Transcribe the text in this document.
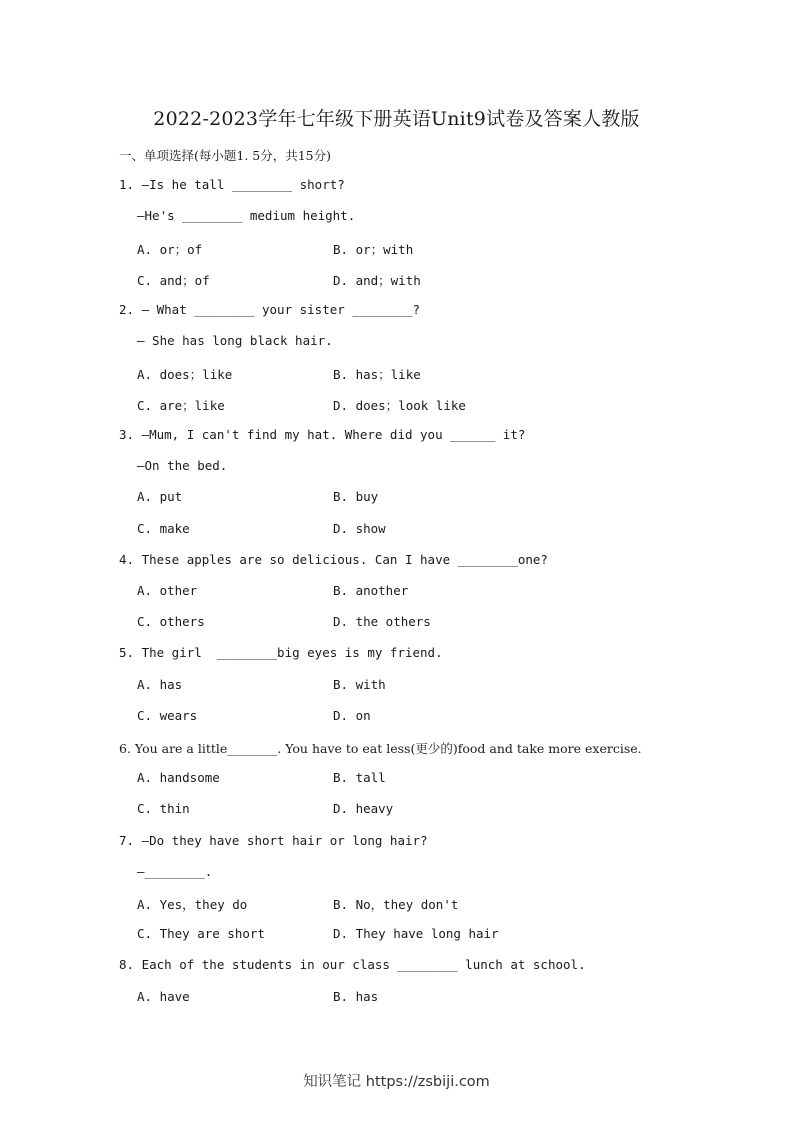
2022-2023学年七年级下册英语Unit9试卷及答案人教版
一、单项选择(每小题1. 5分，共15分)
1. —Is he tall ________ short?
—He's ________ medium height.
A. or；of	B. or；with
C. and；of	D. and；with
2. — What ________ your sister ________?
— She has long black hair.
A. does；like	B. has；like
C. are；like	D. does；look like
3. —Mum, I can't find my hat. Where did you ______ it?
—On the bed.
A. put	B. buy
C. make	D. show
4. These apples are so delicious. Can I have ________one?
A. other	B. another
C. others	D. the others
5. The girl  ________big eyes is my friend.
A. has	B. with
C. wears	D. on
6. You are a little________. You have to eat less(更少的)food and take more exercise.
A. handsome	B. tall
C. thin	D. heavy
7. —Do they have short hair or long hair?
—________.
A. Yes，they do	B. No，they don't
C. They are short	D. They have long hair
8. Each of the students in our class ________ lunch at school.
A. have	B. has
知识笔记 https://zsbiji.com
